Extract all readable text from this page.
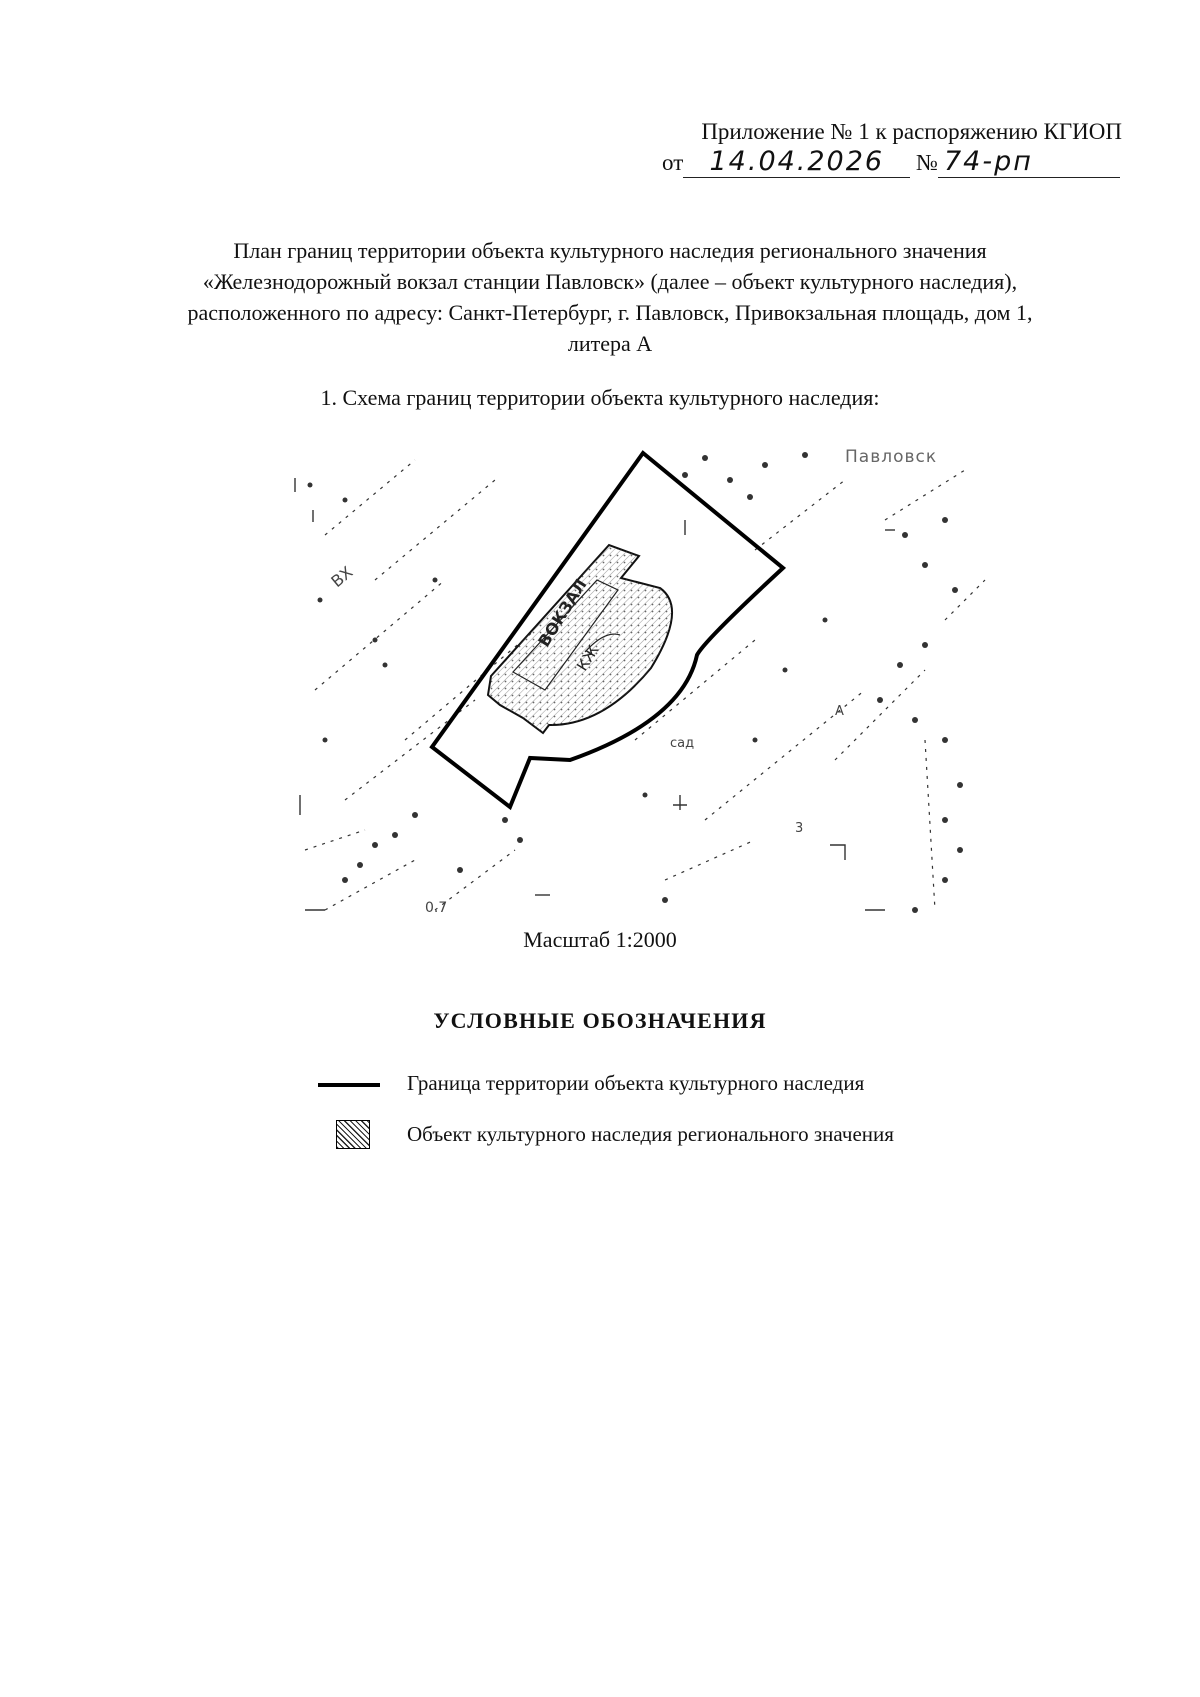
Приложение № 1 к распоряжению КГИОП
от 14.04.2026 № 74-рп
План границ территории объекта культурного наследия регионального значения
«Железнодорожный вокзал станции Павловск» (далее – объект культурного наследия),
расположенного по адресу: Санкт-Петербург, г. Павловск, Привокзальная площадь, дом 1,
литера А
1. Схема границ территории объекта культурного наследия:
Павловск
ВХ
сад
3
0.7
А
ВОКЗАЛ
КЖ
Масштаб 1:2000
УСЛОВНЫЕ ОБОЗНАЧЕНИЯ
Граница территории объекта культурного наследия
Объект культурного наследия регионального значения
